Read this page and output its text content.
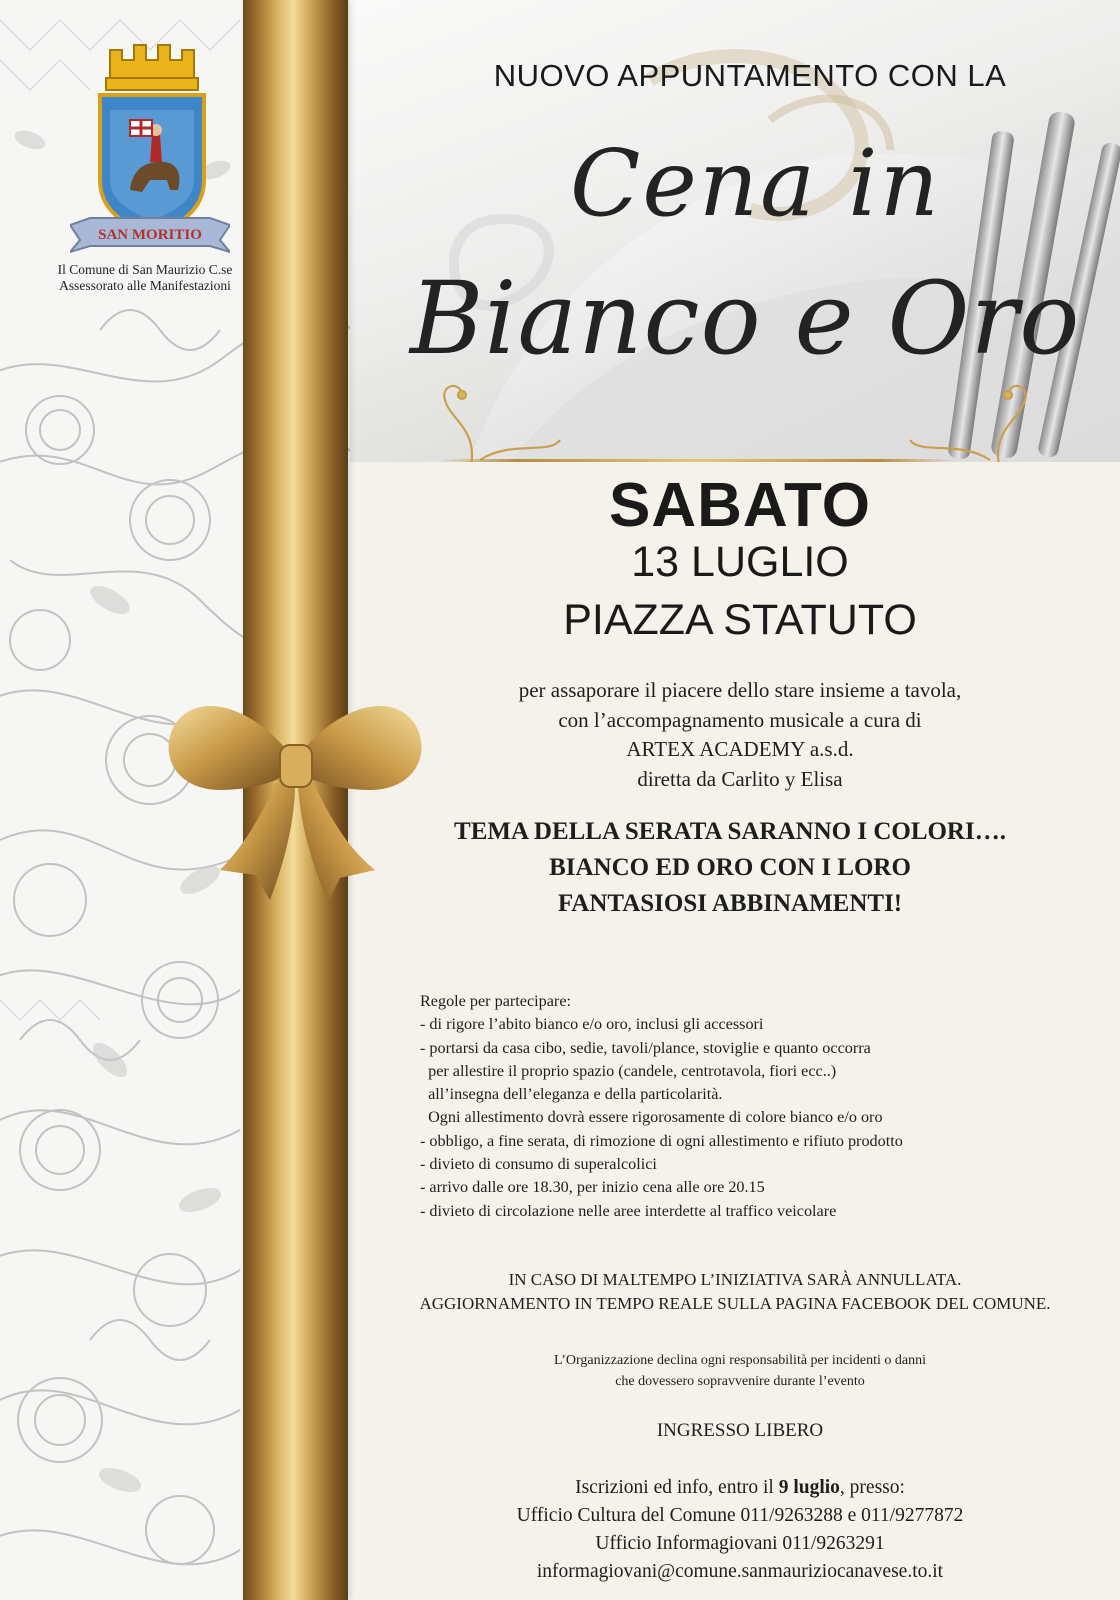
SAN MORITIO
Il Comune di San Maurizio C.se
Assessorato alle Manifestazioni
NUOVO APPUNTAMENTO CON LA
Cena in
Bianco e Oro
SABATO
13 LUGLIO
PIAZZA STATUTO
per assaporare il piacere dello stare insieme a tavola,
con l’accompagnamento musicale a cura di
ARTEX ACADEMY a.s.d.
diretta da Carlito y Elisa
TEMA DELLA SERATA SARANNO I COLORI….
BIANCO ED ORO CON I LORO
FANTASIOSI ABBINAMENTI!
Regole per partecipare:
- di rigore l’abito bianco e/o oro, inclusi gli accessori
- portarsi da casa cibo, sedie, tavoli/plance, stoviglie e quanto occorra
per allestire il proprio spazio (candele, centrotavola, fiori ecc..)
all’insegna dell’eleganza e della particolarità.
Ogni allestimento dovrà essere rigorosamente di colore bianco e/o oro
- obbligo, a fine serata, di rimozione di ogni allestimento e rifiuto prodotto
- divieto di consumo di superalcolici
- arrivo dalle ore 18.30, per inizio cena alle ore 20.15
- divieto di circolazione nelle aree interdette al traffico veicolare
IN CASO DI MALTEMPO L’INIZIATIVA SARÀ ANNULLATA.
AGGIORNAMENTO IN TEMPO REALE SULLA PAGINA FACEBOOK DEL COMUNE.
L’Organizzazione declina ogni responsabilità per incidenti o danni
che dovessero sopravvenire durante l’evento
INGRESSO LIBERO
Iscrizioni ed info, entro il 9 luglio, presso:
Ufficio Cultura del Comune 011/9263288 e 011/9277872
Ufficio Informagiovani 011/9263291
informagiovani@comune.sanmauriziocanavese.to.it
